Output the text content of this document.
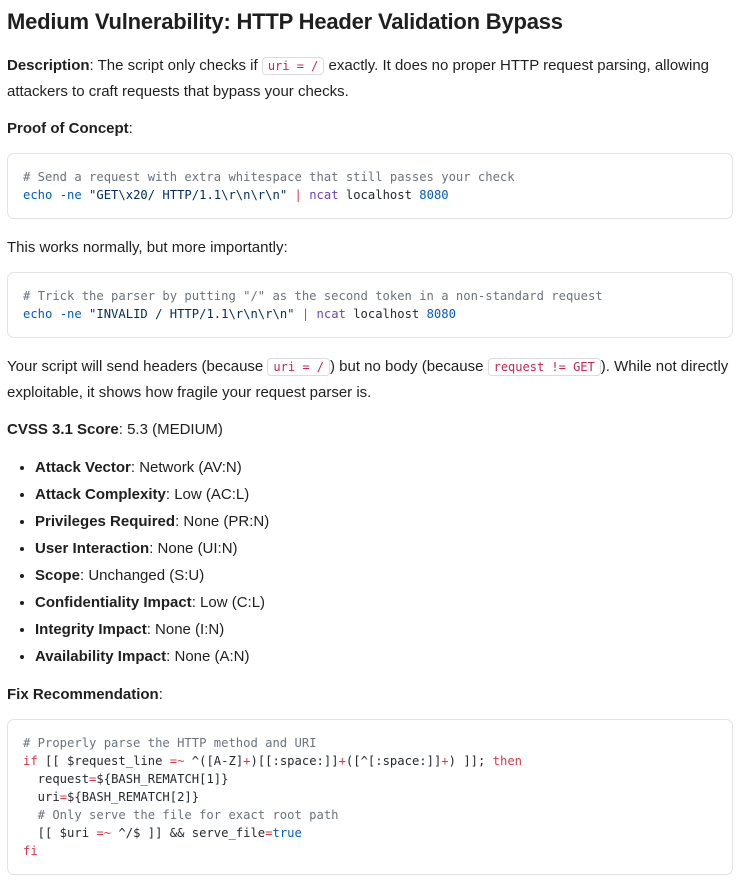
Medium Vulnerability: HTTP Header Validation Bypass

Description: The script only checks if uri = / exactly. It does no proper HTTP request parsing, allowing attackers to craft requests that bypass your checks.

Proof of Concept:

# Send a request with extra whitespace that still passes your check
echo -ne "GET\x20/ HTTP/1.1\r\n\r\n" | ncat localhost 8080

This works normally, but more importantly:

# Trick the parser by putting "/" as the second token in a non-standard request
echo -ne "INVALID / HTTP/1.1\r\n\r\n" | ncat localhost 8080

Your script will send headers (because uri = / ) but no body (because request != GET ). While not directly exploitable, it shows how fragile your request parser is.

CVSS 3.1 Score: 5.3 (MEDIUM)

• Attack Vector: Network (AV:N)
• Attack Complexity: Low (AC:L)
• Privileges Required: None (PR:N)
• User Interaction: None (UI:N)
• Scope: Unchanged (S:U)
• Confidentiality Impact: Low (C:L)
• Integrity Impact: None (I:N)
• Availability Impact: None (A:N)

Fix Recommendation:

# Properly parse the HTTP method and URI
if [[ $request_line =~ ^([A-Z]+)[[:space:]]+([^[:space:]]+) ]]; then
request=${BASH_REMATCH[1]}
uri=${BASH_REMATCH[2]}
# Only serve the file for exact root path
[[ $uri =~ ^/$ ]] && serve_file=true
fi
